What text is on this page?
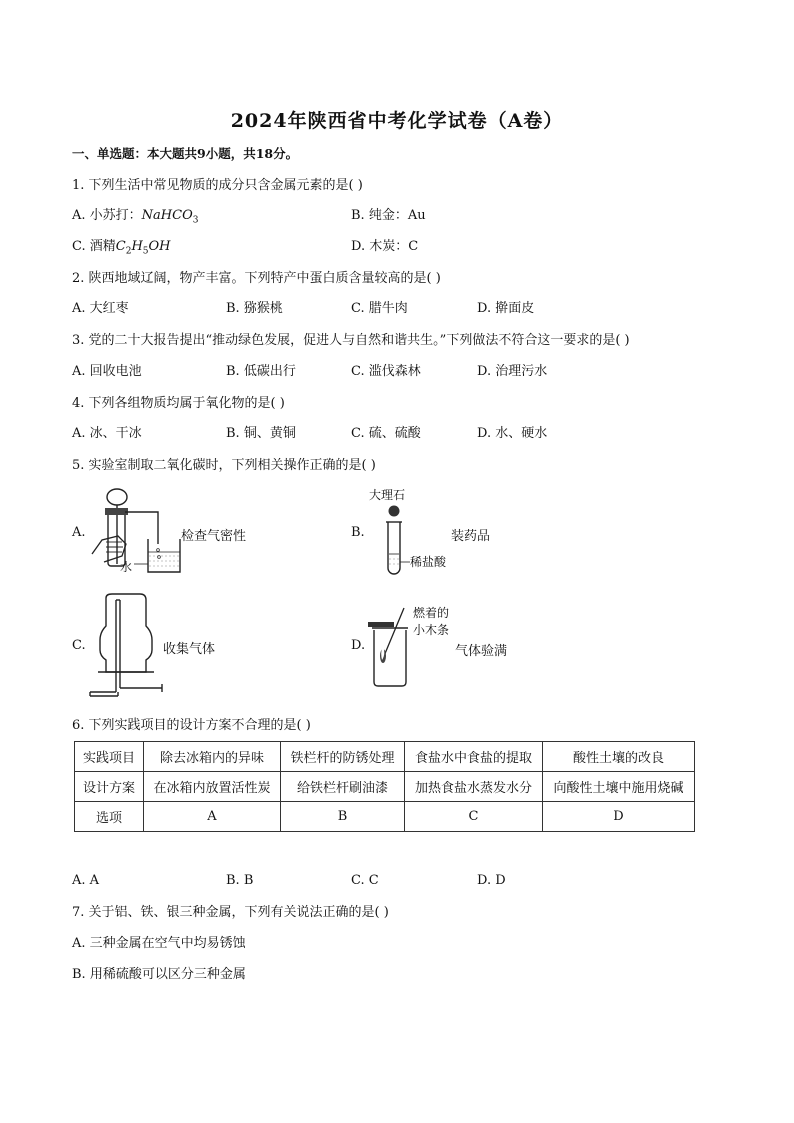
2024年陕西省中考化学试卷（A卷）
一、单选题：本大题共9小题，共18分。
1. 下列生活中常见物质的成分只含金属元素的是( )
A. 小苏打：NaHCO$_3$	B. 纯金：Au
C. 酒精$C_2H_5OH$	D. 木炭：C
2. 陕西地域辽阔，物产丰富。下列特产中蛋白质含量较高的是( )
A. 大红枣	B. 猕猴桃	C. 腊牛肉	D. 擀面皮
3. 党的二十大报告提出“推动绿色发展，促进人与自然和谐共生。”下列做法不符合这一要求的是( )
A. 回收电池	B. 低碳出行	C. 滥伐森林	D. 治理污水
4. 下列各组物质均属于氧化物的是( )
A. 冰、干冰	B. 铜、黄铜	C. 硫、硫酸	D. 水、硬水
5. 实验室制取二氧化碳时，下列相关操作正确的是( )
A.
水
检查气密性	B.
大理石
稀盐酸
装药品
C.	收集气体	D.
燃着的
小木条
气体验满
6. 下列实践项目的设计方案不合理的是( )
实践项目	除去冰箱内的异味	铁栏杆的防锈处理	食盐水中食盐的提取	酸性土壤的改良
设计方案	在冰箱内放置活性炭	给铁栏杆刷油漆	加热食盐水蒸发水分	向酸性土壤中施用烧碱
选项	A	B	C	D
A. A	B. B	C. C	D. D
7. 关于铝、铁、银三种金属，下列有关说法正确的是( )
A. 三种金属在空气中均易锈蚀
B. 用稀硫酸可以区分三种金属
